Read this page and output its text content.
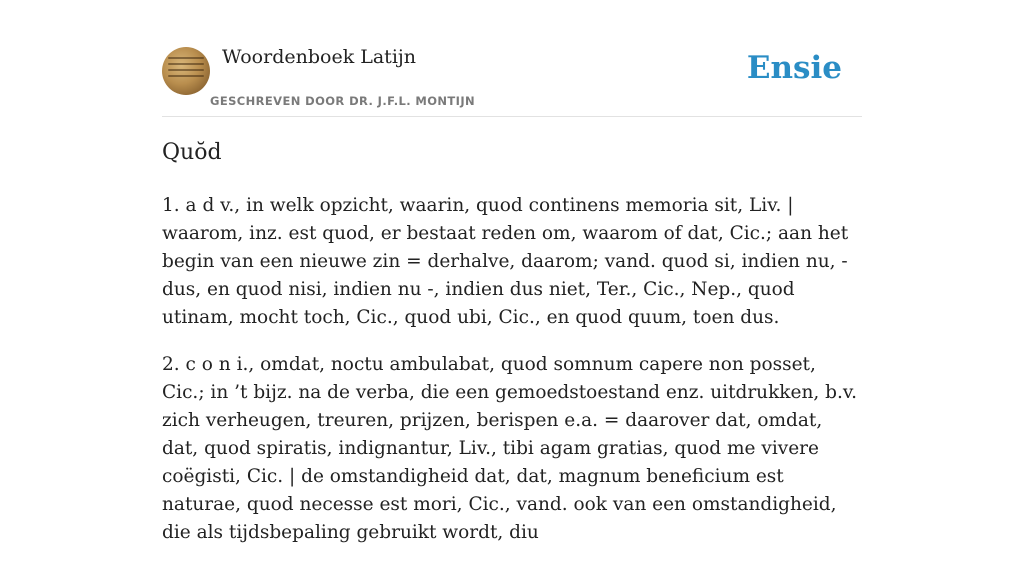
Woordenboek Latijn
GESCHREVEN DOOR DR. J.F.L. MONTIJN
Ensie
Quŏd

1. a d v., in welk opzicht, waarin, quod continens memoria sit, Liv. | waarom, inz. est quod, er bestaat reden om, waarom of dat, Cic.; aan het begin van een nieuwe zin = derhalve, daarom; vand. quod si, indien nu, - dus, en quod nisi, indien nu -, indien dus niet, Ter., Cic., Nep., quod utinam, mocht toch, Cic., quod ubi, Cic., en quod quum, toen dus.

2. c o n i., omdat, noctu ambulabat, quod somnum capere non posset, Cic.; in ’t bijz. na de verba, die een gemoedstoestand enz. uitdrukken, b.v. zich verheugen, treuren, prijzen, berispen e.a. = daarover dat, omdat, dat, quod spiratis, indignantur, Liv., tibi agam gratias, quod me vivere coëgisti, Cic. | de omstandigheid dat, dat, magnum beneficium est naturae, quod necesse est mori, Cic., vand. ook van een omstandigheid, die als tijdsbepaling gebruikt wordt, diu
